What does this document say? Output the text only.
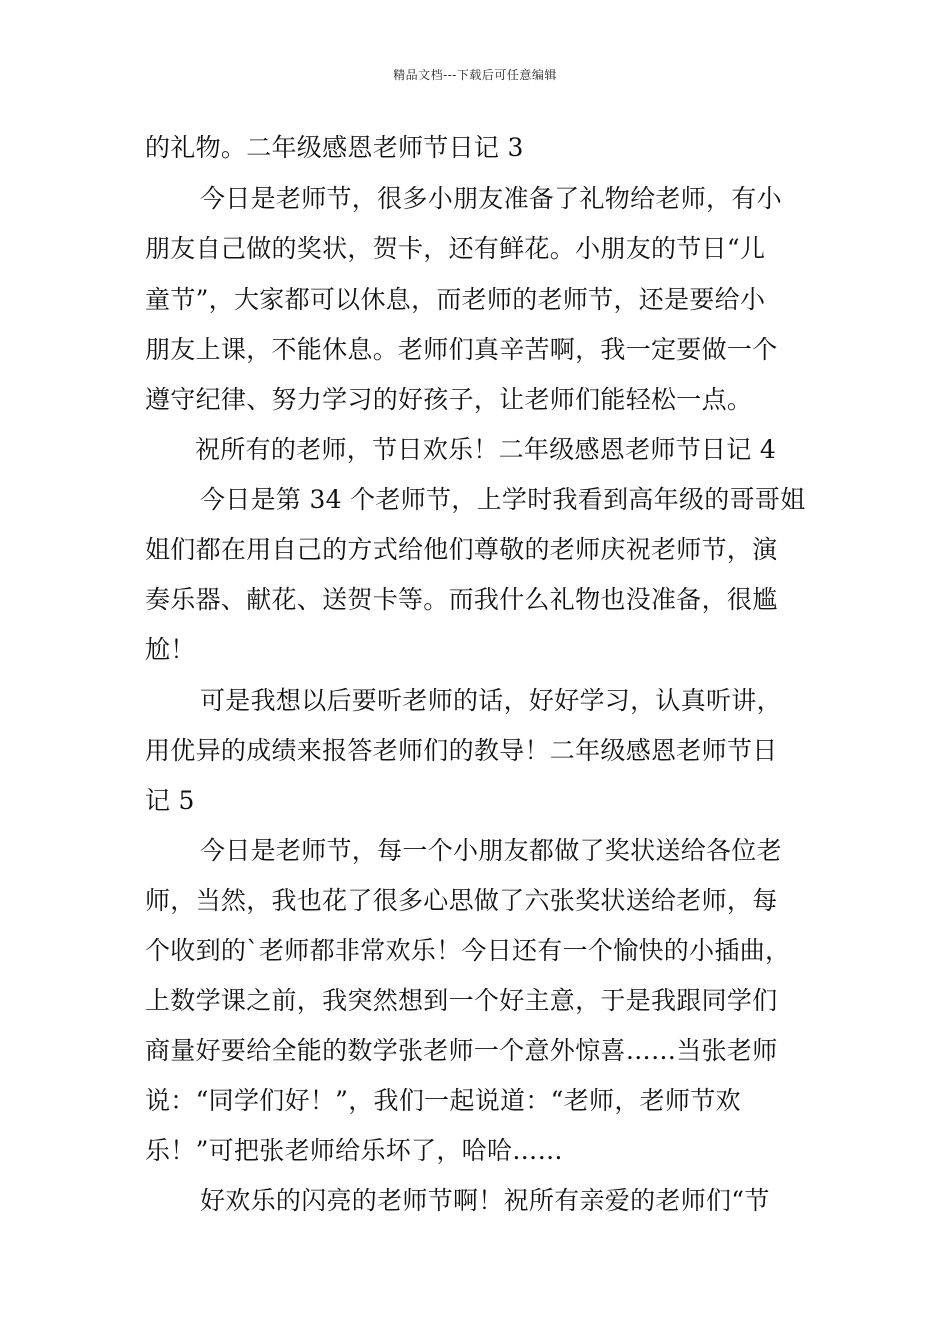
精品文档---下载后可任意编辑
的礼物。二年级感恩老师节日记 3
今日是老师节，很多小朋友准备了礼物给老师，有小
朋友自己做的奖状，贺卡，还有鲜花。小朋友的节日“儿
童节”，大家都可以休息，而老师的老师节，还是要给小
朋友上课，不能休息。老师们真辛苦啊，我一定要做一个
遵守纪律、努力学习的好孩子，让老师们能轻松一点。
祝所有的老师，节日欢乐！二年级感恩老师节日记 4
今日是第 34 个老师节，上学时我看到高年级的哥哥姐
姐们都在用自己的方式给他们尊敬的老师庆祝老师节，演
奏乐器、献花、送贺卡等。而我什么礼物也没准备，很尴
尬！
可是我想以后要听老师的话，好好学习，认真听讲，
用优异的成绩来报答老师们的教导！二年级感恩老师节日
记 5
今日是老师节，每一个小朋友都做了奖状送给各位老
师，当然，我也花了很多心思做了六张奖状送给老师，每
个收到的`老师都非常欢乐！今日还有一个愉快的小插曲，
上数学课之前，我突然想到一个好主意，于是我跟同学们
商量好要给全能的数学张老师一个意外惊喜……当张老师
说：“同学们好！”，我们一起说道：“老师，老师节欢
乐！”可把张老师给乐坏了，哈哈……
好欢乐的闪亮的老师节啊！祝所有亲爱的老师们“节
